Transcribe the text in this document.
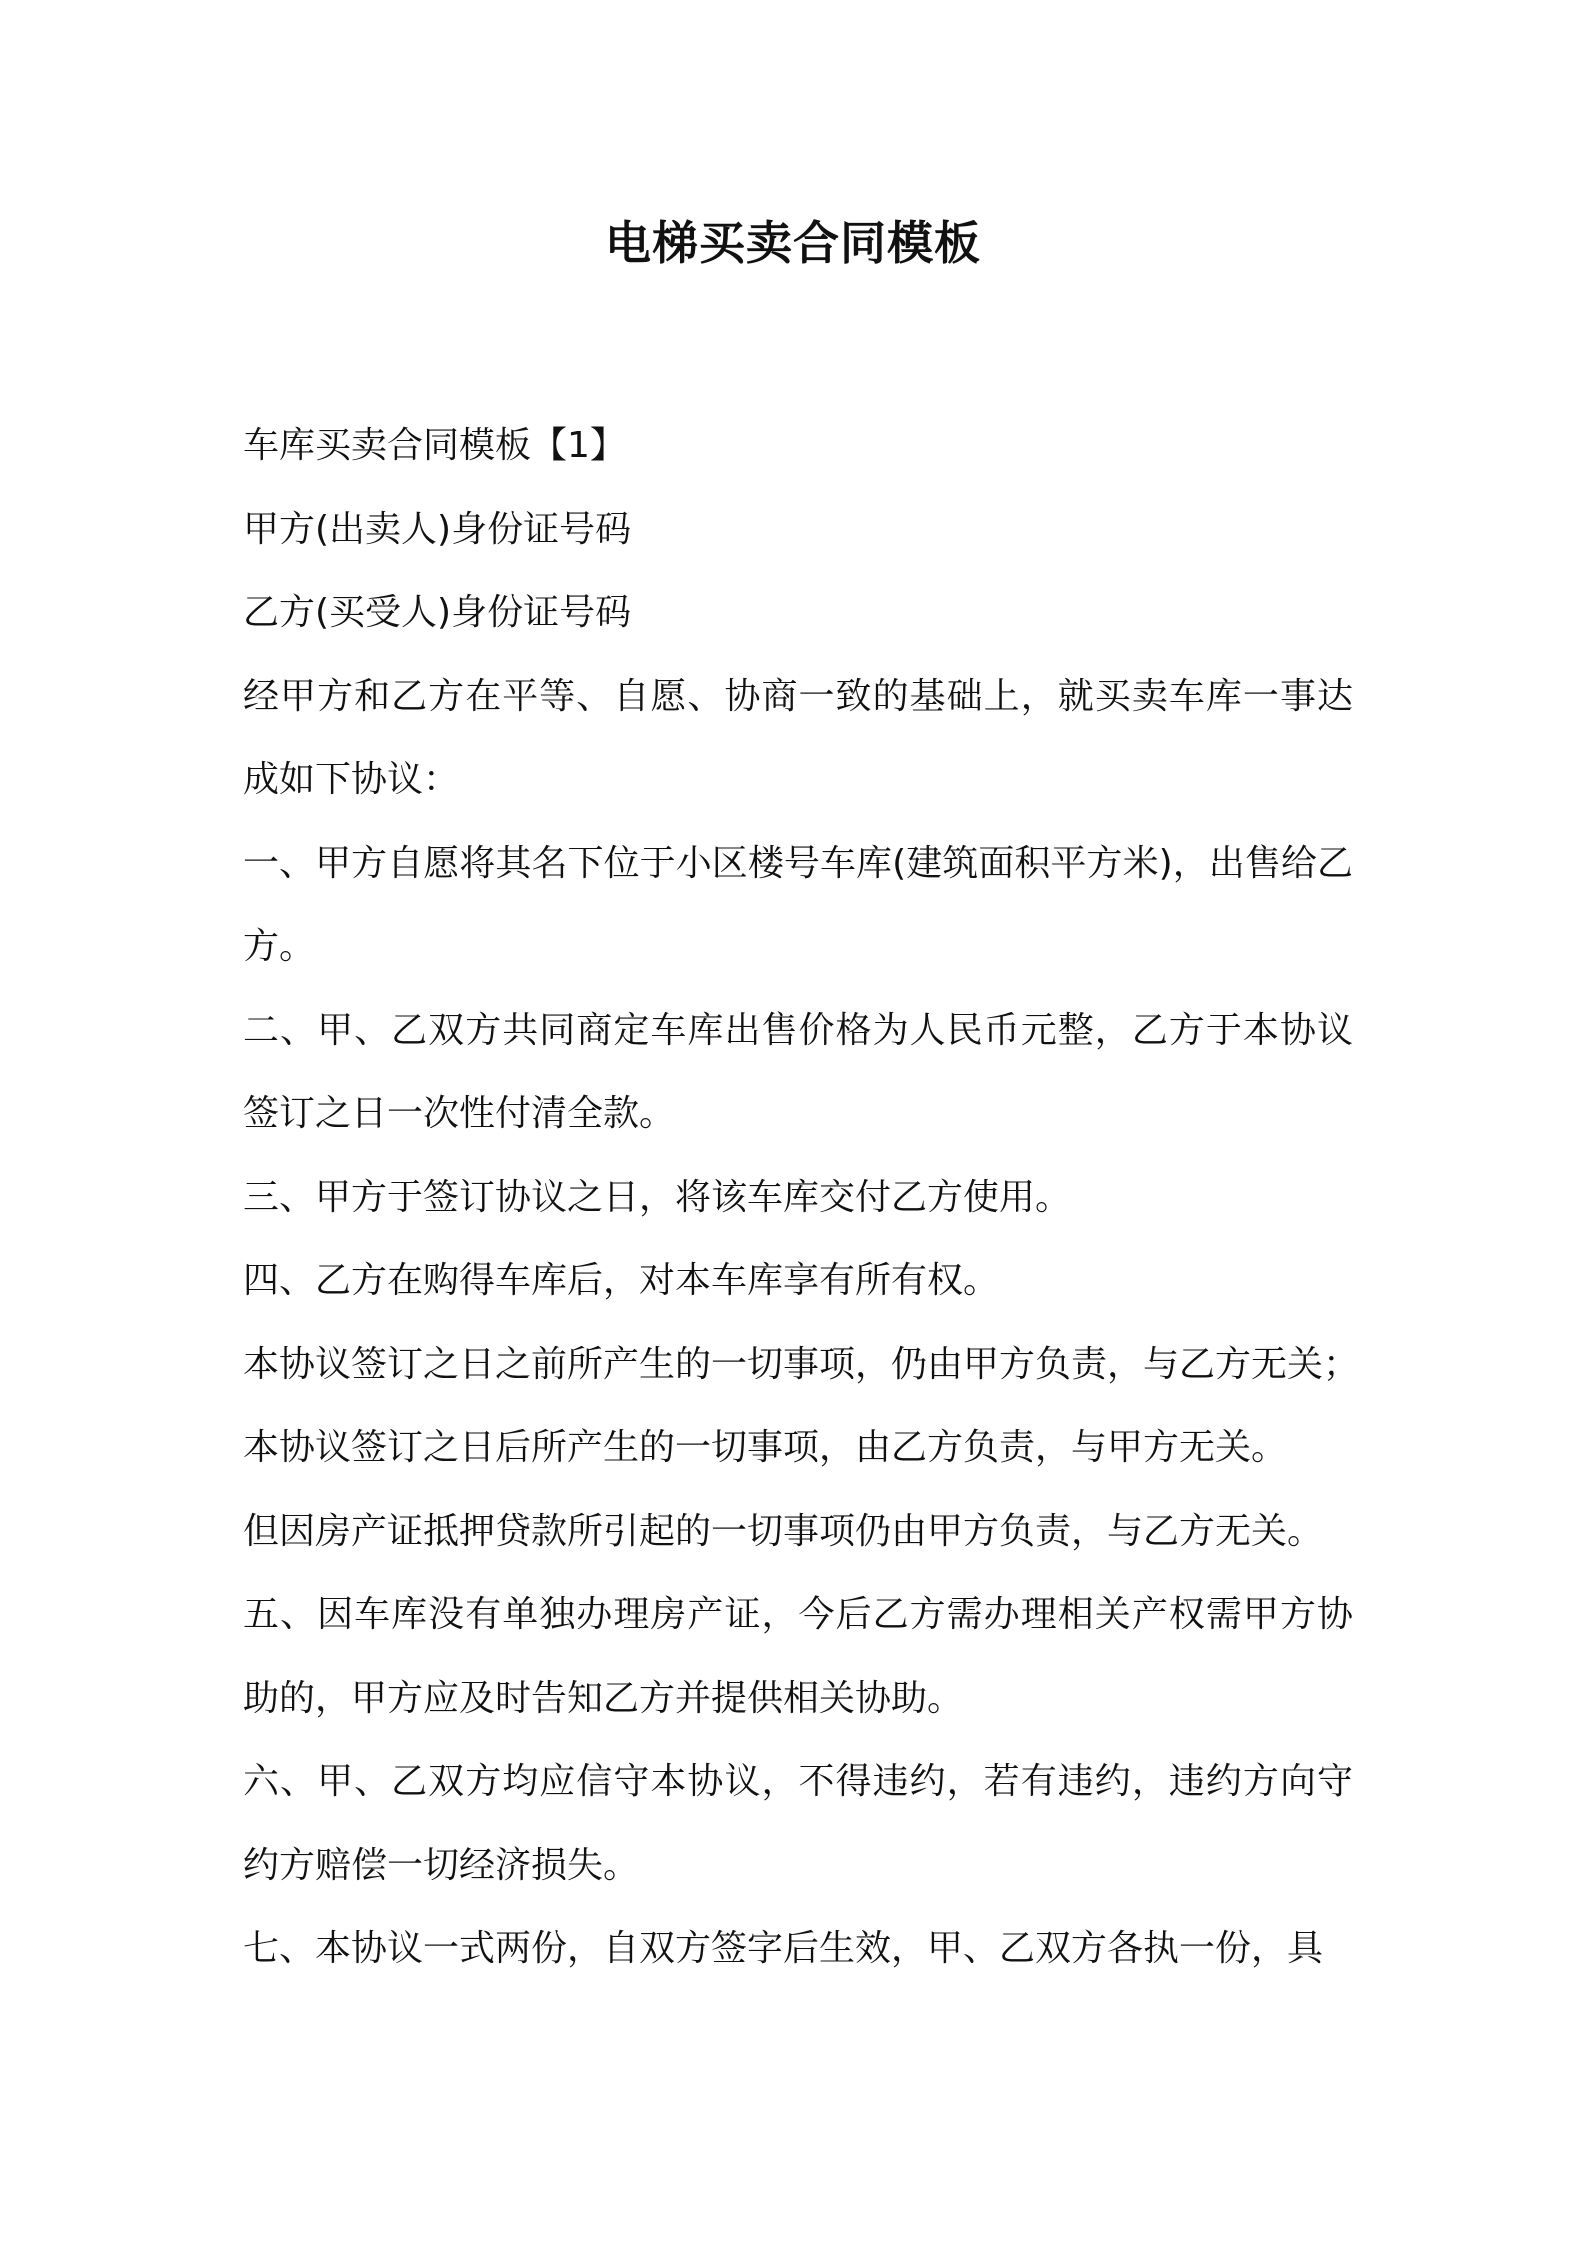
电梯买卖合同模板

车库买卖合同模板【1】

甲方(出卖人)身份证号码

乙方(买受人)身份证号码

经甲方和乙方在平等、自愿、协商一致的基础上，就买卖车库一事达成如下协议：

一、甲方自愿将其名下位于小区楼号车库(建筑面积平方米)，出售给乙方。

二、甲、乙双方共同商定车库出售价格为人民币元整，乙方于本协议签订之日一次性付清全款。

三、甲方于签订协议之日，将该车库交付乙方使用。

四、乙方在购得车库后，对本车库享有所有权。

本协议签订之日之前所产生的一切事项，仍由甲方负责，与乙方无关；

本协议签订之日后所产生的一切事项，由乙方负责，与甲方无关。

但因房产证抵押贷款所引起的一切事项仍由甲方负责，与乙方无关。

五、因车库没有单独办理房产证，今后乙方需办理相关产权需甲方协助的，甲方应及时告知乙方并提供相关协助。

六、甲、乙双方均应信守本协议，不得违约，若有违约，违约方向守约方赔偿一切经济损失。

七、本协议一式两份，自双方签字后生效，甲、乙双方各执一份，具
